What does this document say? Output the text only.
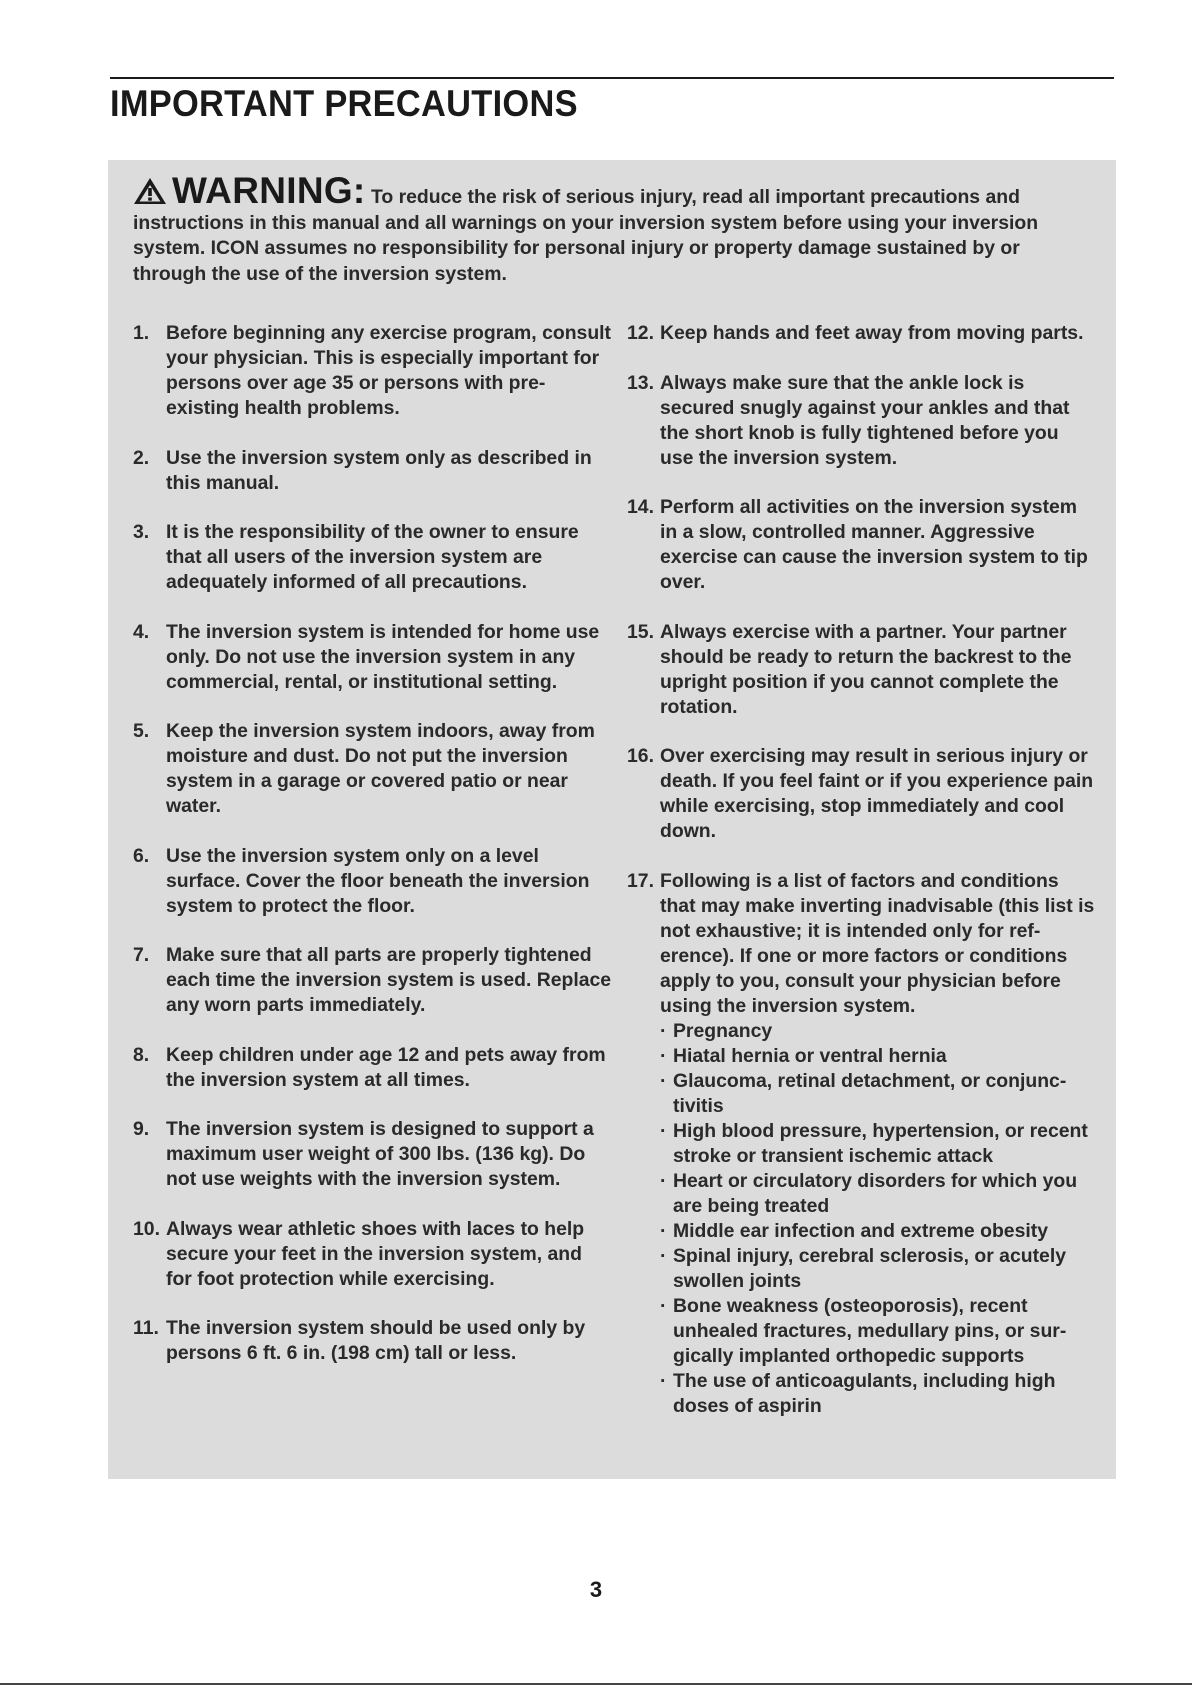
IMPORTANT PRECAUTIONS
WARNING: To reduce the risk of serious injury, read all important precautions and instructions in this manual and all warnings on your inversion system before using your inversion system. ICON assumes no responsibility for personal injury or property damage sustained by or through the use of the inversion system.
1. Before beginning any exercise program, consult your physician. This is especially important for persons over age 35 or persons with pre-existing health problems.

2. Use the inversion system only as described in this manual.

3. It is the responsibility of the owner to ensure that all users of the inversion system are adequately informed of all precautions.

4. The inversion system is intended for home use only. Do not use the inversion system in any commercial, rental, or institutional setting.

5. Keep the inversion system indoors, away from moisture and dust. Do not put the inversion system in a garage or covered patio or near water.

6. Use the inversion system only on a level surface. Cover the floor beneath the inversion system to protect the floor.

7. Make sure that all parts are properly tightened each time the inversion system is used. Replace any worn parts immediately.

8. Keep children under age 12 and pets away from the inversion system at all times.

9. The inversion system is designed to support a maximum user weight of 300 lbs. (136 kg). Do not use weights with the inversion system.

10. Always wear athletic shoes with laces to help secure your feet in the inversion system, and for foot protection while exercising.

11. The inversion system should be used only by persons 6 ft. 6 in. (198 cm) tall or less.

12. Keep hands and feet away from moving parts.

13. Always make sure that the ankle lock is secured snugly against your ankles and that the short knob is fully tightened before you use the inversion system.

14. Perform all activities on the inversion system in a slow, controlled manner. Aggressive exercise can cause the inversion system to tip over.

15. Always exercise with a partner. Your partner should be ready to return the backrest to the upright position if you cannot complete the rotation.

16. Over exercising may result in serious injury or death. If you feel faint or if you experience pain while exercising, stop immediately and cool down.

17. Following is a list of factors and conditions that may make inverting inadvisable (this list is not exhaustive; it is intended only for reference). If one or more factors or conditions apply to you, consult your physician before using the inversion system.

· Pregnancy
· Hiatal hernia or ventral hernia
· Glaucoma, retinal detachment, or conjunctivitis
· High blood pressure, hypertension, or recent stroke or transient ischemic attack
· Heart or circulatory disorders for which you are being treated
· Middle ear infection and extreme obesity
· Spinal injury, cerebral sclerosis, or acutely swollen joints
· Bone weakness (osteoporosis), recent unhealed fractures, medullary pins, or surgically implanted orthopedic supports
· The use of anticoagulants, including high doses of aspirin
3
